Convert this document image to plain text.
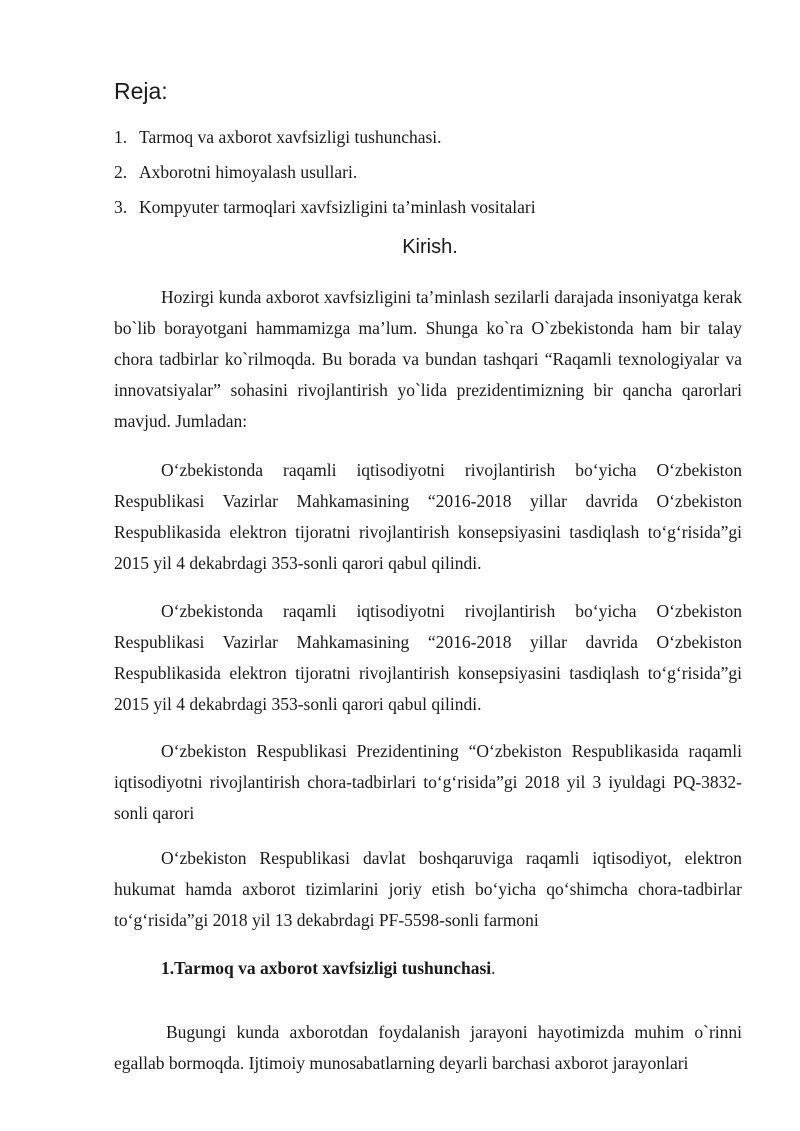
Reja:
1. Tarmoq va axborot xavfsizligi tushunchasi.
2. Axborotni himoyalash usullari.
3. Kompyuter tarmoqlari xavfsizligini ta’minlash vositalari
Kirish.

Hozirgi kunda axborot xavfsizligini ta’minlash sezilarli darajada insoniyatga kerak bo`lib borayotgani hammamizga ma’lum. Shunga ko`ra O`zbekistonda ham bir talay chora tadbirlar ko`rilmoqda. Bu borada va bundan tashqari “Raqamli texnologiyalar va innovatsiyalar” sohasini rivojlantirish yo`lida prezidentimizning bir qancha qarorlari mavjud. Jumladan:

O‘zbekistonda raqamli iqtisodiyotni rivojlantirish bo‘yicha O‘zbekiston Respublikasi Vazirlar Mahkamasining “2016-2018 yillar davrida O‘zbekiston Respublikasida elektron tijoratni rivojlantirish konsepsiyasini tasdiqlash to‘g‘risida”gi 2015 yil 4 dekabrdagi 353-sonli qarori qabul qilindi.

O‘zbekistonda raqamli iqtisodiyotni rivojlantirish bo‘yicha O‘zbekiston Respublikasi Vazirlar Mahkamasining “2016-2018 yillar davrida O‘zbekiston Respublikasida elektron tijoratni rivojlantirish konsepsiyasini tasdiqlash to‘g‘risida”gi 2015 yil 4 dekabrdagi 353-sonli qarori qabul qilindi.

O‘zbekiston Respublikasi Prezidentining “O‘zbekiston Respublikasida raqamli iqtisodiyotni rivojlantirish chora-tadbirlari to‘g‘risida”gi 2018 yil 3 iyuldagi PQ-3832-sonli qarori

O‘zbekiston Respublikasi davlat boshqaruviga raqamli iqtisodiyot, elektron hukumat hamda axborot tizimlarini joriy etish bo‘yicha qo‘shimcha chora-tadbirlar to‘g‘risida”gi 2018 yil 13 dekabrdagi PF-5598-sonli farmoni

1.Tarmoq va axborot xavfsizligi tushunchasi.

Bugungi kunda axborotdan foydalanish jarayoni hayotimizda muhim o`rinni egallab bormoqda. Ijtimoiy munosabatlarning deyarli barchasi axborot jarayonlari
